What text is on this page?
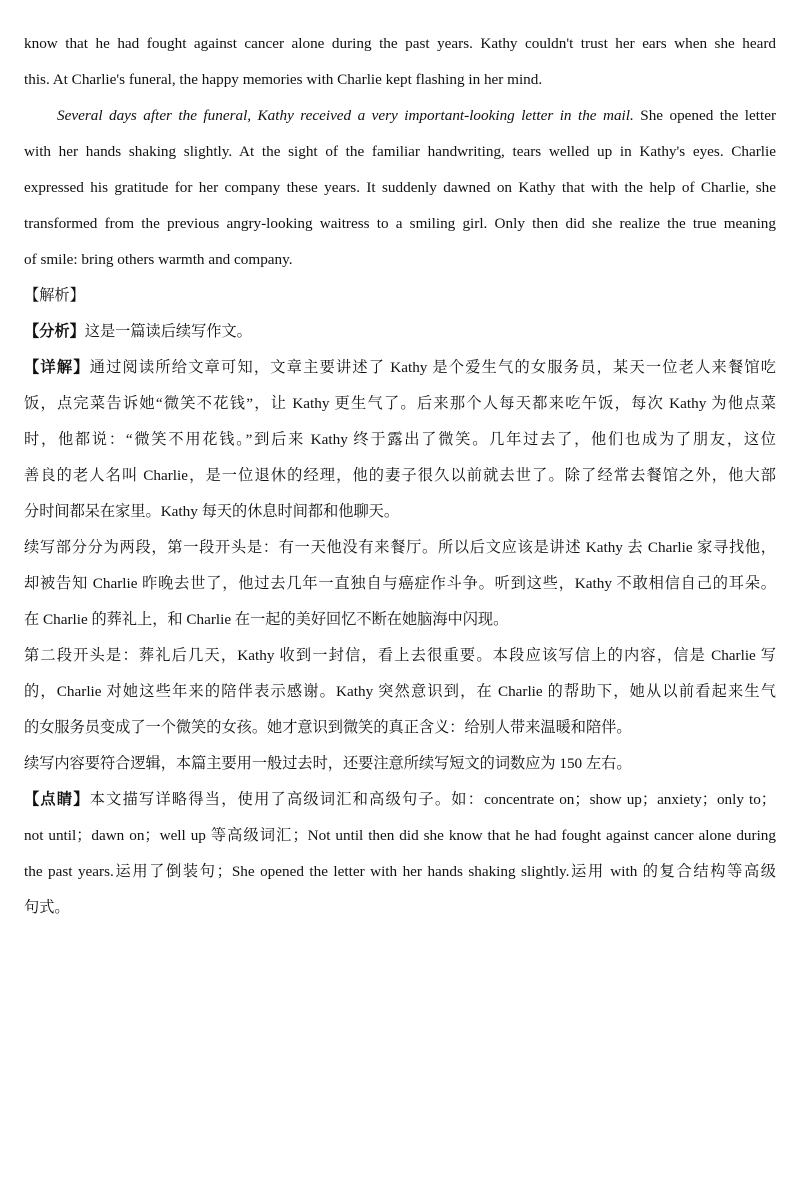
know that he had fought against cancer alone during the past years. Kathy couldn't trust her ears when she heard
this. At Charlie's funeral, the happy memories with Charlie kept flashing in her mind.
Several days after the funeral, Kathy received a very important-looking letter in the mail. She opened the letter
with her hands shaking slightly. At the sight of the familiar handwriting, tears welled up in Kathy's eyes. Charlie
expressed his gratitude for her company these years. It suddenly dawned on Kathy that with the help of Charlie, she
transformed from the previous angry-looking waitress to a smiling girl. Only then did she realize the true meaning
of smile: bring others warmth and company.
【解析】
【分析】这是一篇读后续写作文。
【详解】通过阅读所给文章可知，文章主要讲述了 Kathy 是个爱生气的女服务员，某天一位老人来餐馆吃
饭，点完菜告诉她“微笑不花钱”，让 Kathy 更生气了。后来那个人每天都来吃午饭，每次 Kathy 为他点菜
时，他都说：“微笑不用花钱。”到后来 Kathy 终于露出了微笑。几年过去了，他们也成为了朋友，这位
善良的老人名叫 Charlie，是一位退休的经理，他的妻子很久以前就去世了。除了经常去餐馆之外，他大部
分时间都呆在家里。Kathy 每天的休息时间都和他聊天。
续写部分分为两段，第一段开头是：有一天他没有来餐厅。所以后文应该是讲述 Kathy 去 Charlie 家寻找他，
却被告知 Charlie 昨晚去世了，他过去几年一直独自与癌症作斗争。听到这些，Kathy 不敢相信自己的耳朵。
在 Charlie 的葬礼上，和 Charlie 在一起的美好回忆不断在她脑海中闪现。
第二段开头是：葬礼后几天，Kathy 收到一封信，看上去很重要。本段应该写信上的内容，信是 Charlie 写
的，Charlie 对她这些年来的陪伴表示感谢。Kathy 突然意识到，在 Charlie 的帮助下，她从以前看起来生气
的女服务员变成了一个微笑的女孩。她才意识到微笑的真正含义：给别人带来温暖和陪伴。
续写内容要符合逻辑，本篇主要用一般过去时，还要注意所续写短文的词数应为 150 左右。
【点睛】本文描写详略得当，使用了高级词汇和高级句子。如：concentrate on；show up；anxiety；only to；
not until；dawn on；well up 等高级词汇；Not until then did she know that he had fought against cancer alone during
the past years.运用了倒装句；She opened the letter with her hands shaking slightly.运用 with 的复合结构等高级
句式。
